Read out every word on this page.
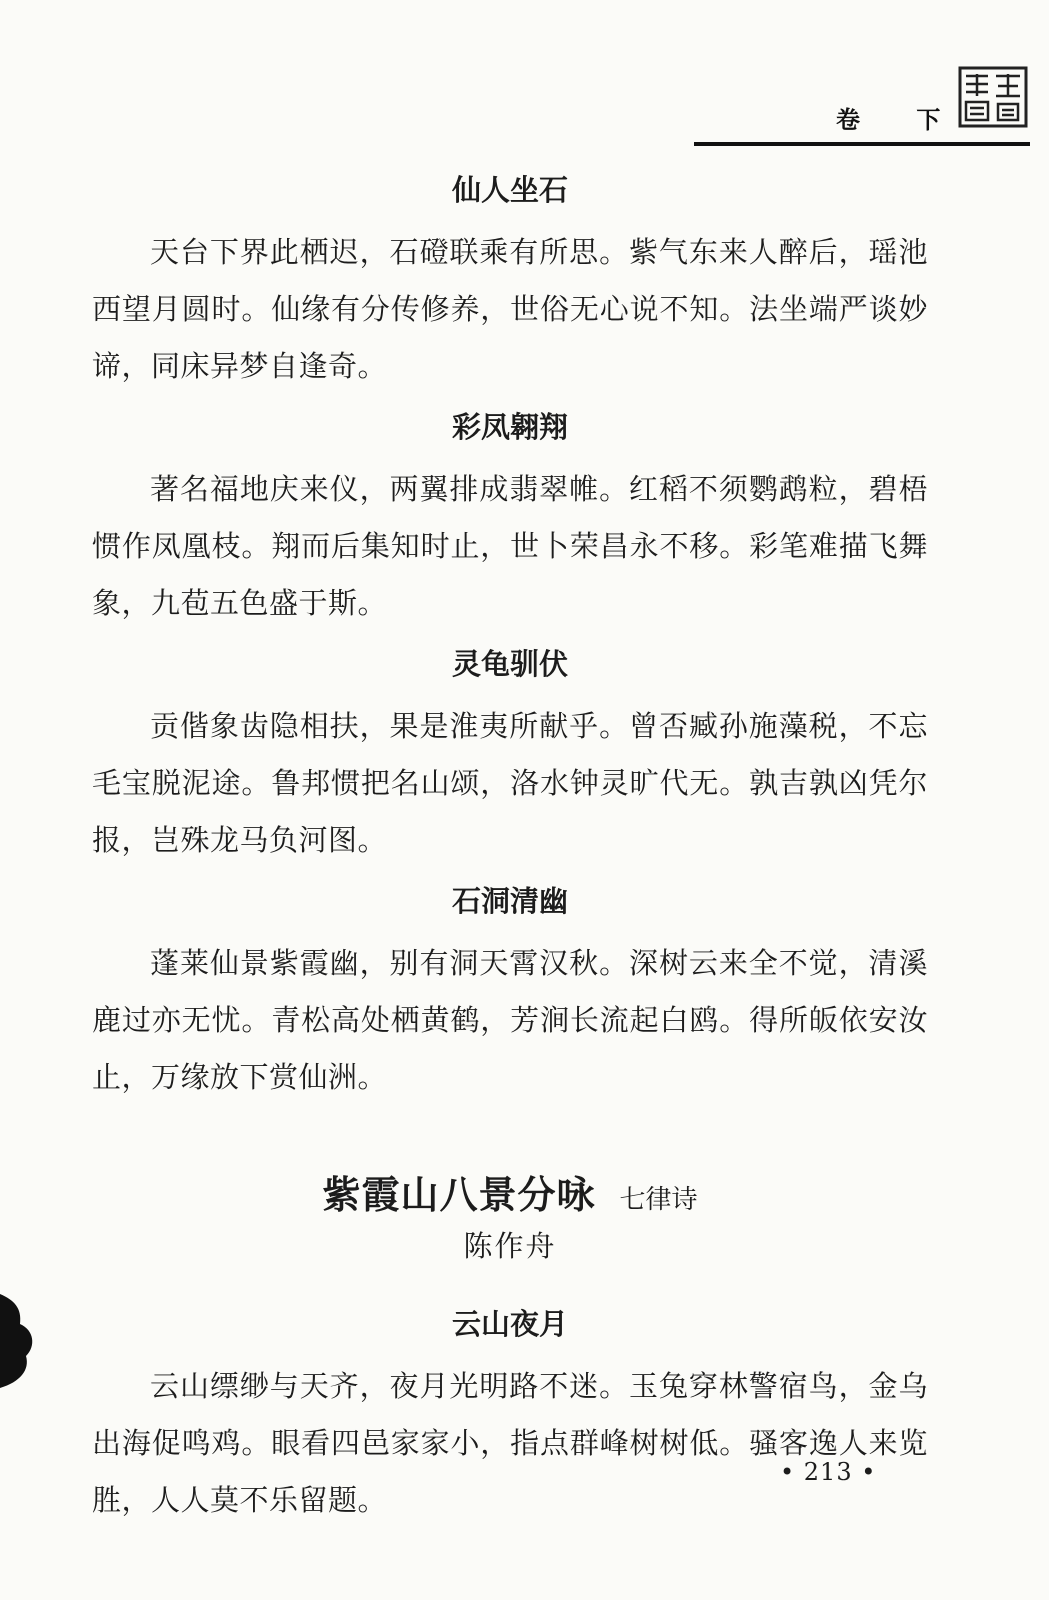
卷 下
仙人坐石

天台下界此栖迟，石磴联乘有所思。紫气东来人醉后，瑶池西望月圆时。仙缘有分传修养，世俗无心说不知。法坐端严谈妙谛，同床异梦自逢奇。

彩凤翱翔

著名福地庆来仪，两翼排成翡翠帷。红稻不须鹦鹉粒，碧梧惯作凤凰枝。翔而后集知时止，世卜荣昌永不移。彩笔难描飞舞象，九苞五色盛于斯。

灵龟驯伏

贡偕象齿隐相扶，果是淮夷所献乎。曾否臧孙施藻税，不忘毛宝脱泥途。鲁邦惯把名山颂，洛水钟灵旷代无。孰吉孰凶凭尔报，岂殊龙马负河图。

石洞清幽

蓬莱仙景紫霞幽，别有洞天霄汉秋。深树云来全不觉，清溪鹿过亦无忧。青松高处栖黄鹤，芳涧长流起白鸥。得所皈依安汝止，万缘放下赏仙洲。

紫霞山八景分咏 七律诗
陈作舟
云山夜月

云山缥缈与天齐，夜月光明路不迷。玉兔穿林警宿鸟，金乌出海促鸣鸡。眼看四邑家家小，指点群峰树树低。骚客逸人来览胜，人人莫不乐留题。

• 213 •
